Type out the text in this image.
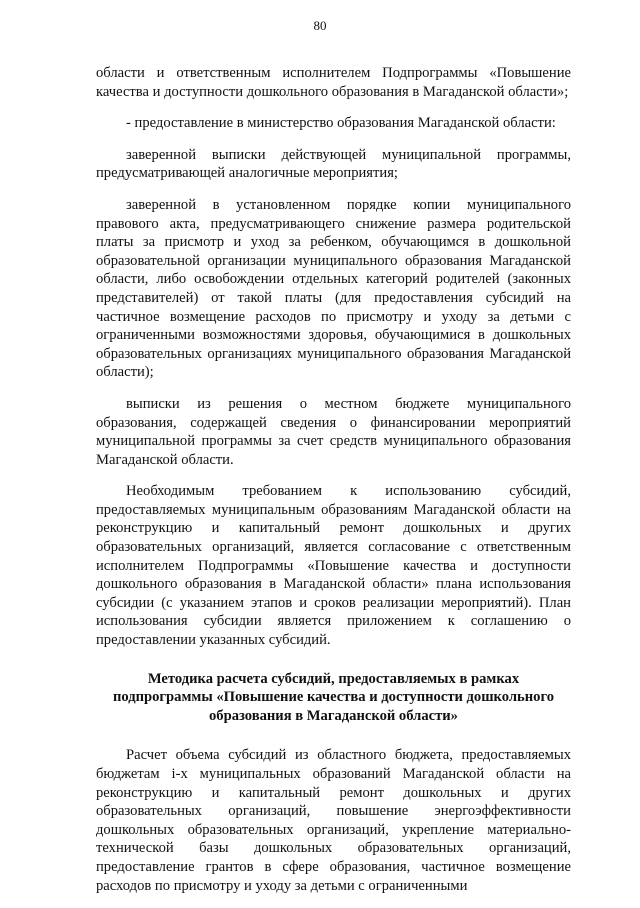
80

области и ответственным исполнителем Подпрограммы «Повышение качества и доступности дошкольного образования в Магаданской области»;

- предоставление в министерство образования Магаданской области:

заверенной выписки действующей муниципальной программы, предусматривающей аналогичные мероприятия;

заверенной в установленном порядке копии муниципального правового акта, предусматривающего снижение размера родительской платы за присмотр и уход за ребенком, обучающимся в дошкольной образовательной организации муниципального образования Магаданской области, либо освобождении отдельных категорий родителей (законных представителей) от такой платы (для предоставления субсидий на частичное возмещение расходов по присмотру и уходу за детьми с ограниченными возможностями здоровья, обучающимися в дошкольных образовательных организациях муниципального образования Магаданской области);

выписки из решения о местном бюджете муниципального образования, содержащей сведения о финансировании мероприятий муниципальной программы за счет средств муниципального образования Магаданской области.

Необходимым требованием к использованию субсидий, предоставляемых муниципальным образованиям Магаданской области на реконструкцию и капитальный ремонт дошкольных и других образовательных организаций, является согласование с ответственным исполнителем Подпрограммы «Повышение качества и доступности дошкольного образования в Магаданской области» плана использования субсидии (с указанием этапов и сроков реализации мероприятий). План использования субсидии является приложением к соглашению о предоставлении указанных субсидий.

Методика расчета субсидий, предоставляемых в рамках
подпрограммы «Повышение качества и доступности дошкольного
образования в Магаданской области»

Расчет объема субсидий из областного бюджета, предоставляемых бюджетам i-х муниципальных образований Магаданской области на реконструкцию и капитальный ремонт дошкольных и других образовательных организаций, повышение энергоэффективности дошкольных образовательных организаций, укрепление материально-технической базы дошкольных образовательных организаций, предоставление грантов в сфере образования, частичное возмещение расходов по присмотру и уходу за детьми с ограниченными
